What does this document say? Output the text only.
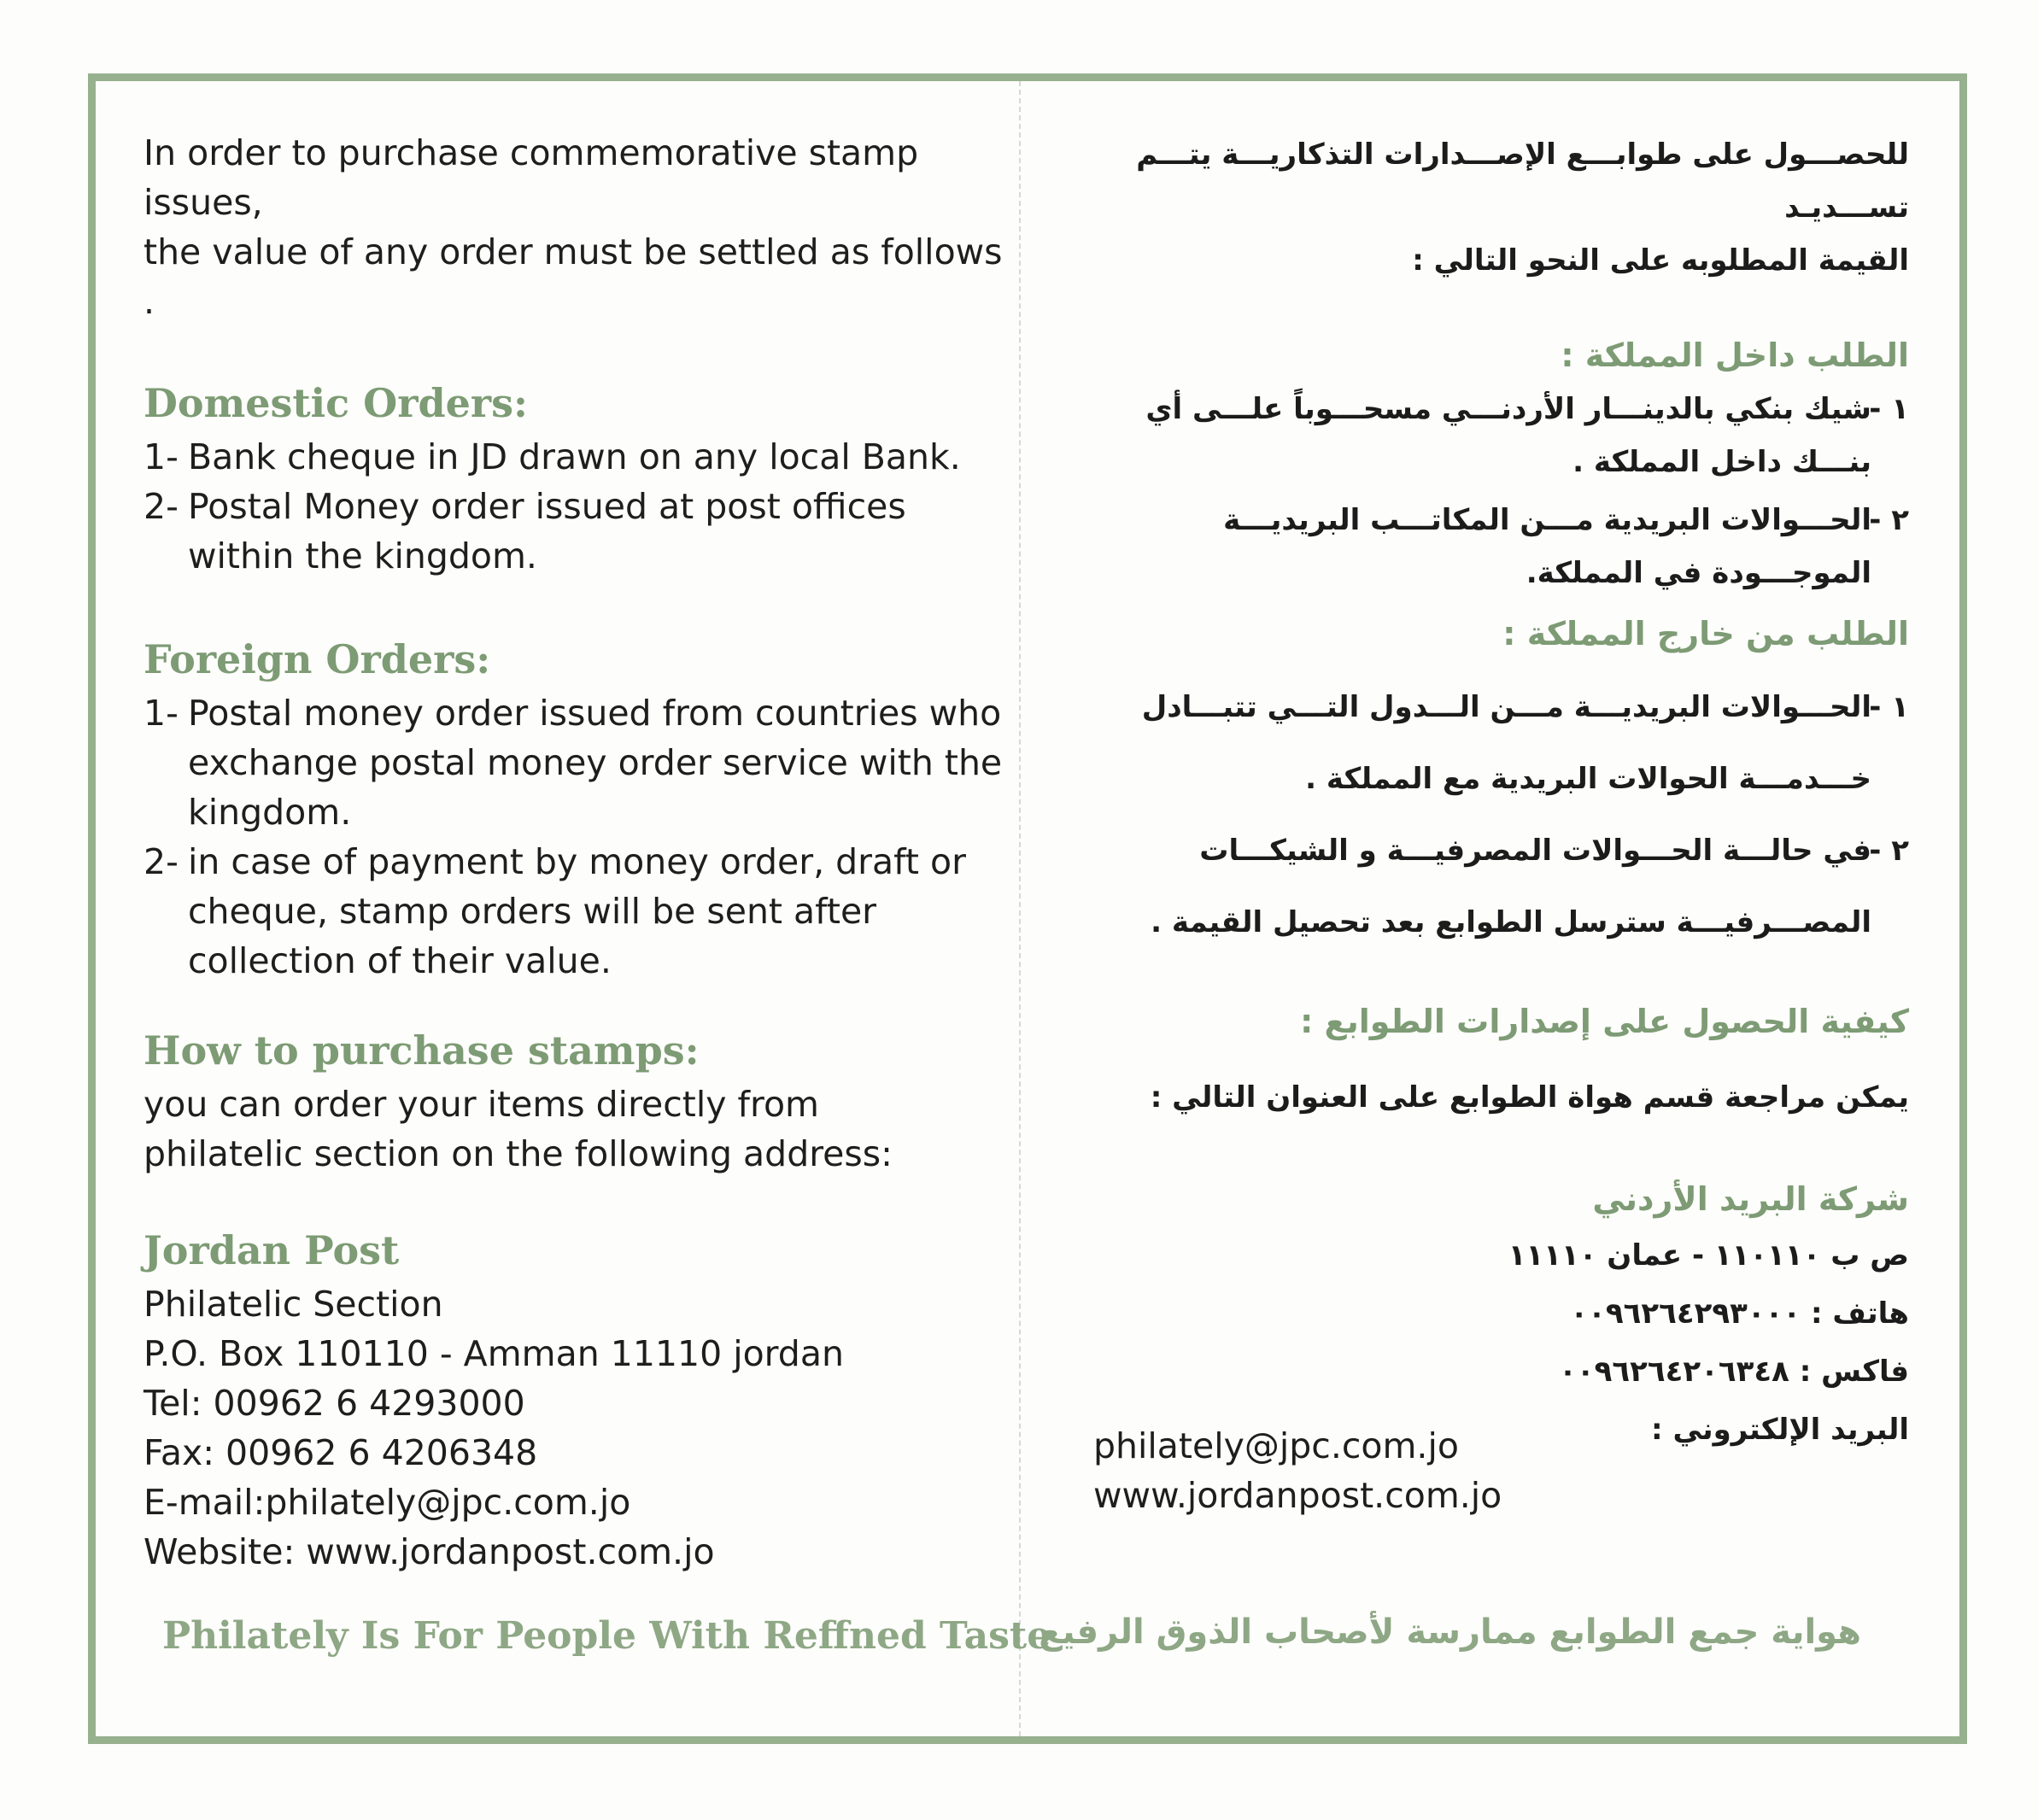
In order to purchase commemorative stamp issues,

the value of any order must be settled as follows .

Domestic Orders:
1- Bank cheque in JD drawn on any local Bank.
2- Postal Money order issued at post offices within the kingdom.
Foreign Orders:
1- Postal money order issued from countries who exchange postal money order service with the kingdom.
2- in case of payment by money order, draft or cheque, stamp orders will be sent after collection of their value.
How to purchase stamps:

you can order your items directly from

philatelic section on the following address:

Jordan Post

Philatelic Section

P.O. Box 110110 - Amman 11110 jordan

Tel: 00962 6 4293000

Fax: 00962 6 4206348

E-mail:philately@jpc.com.jo

Website: www.jordanpost.com.jo

Philately Is For People With Reffned Taste

للحصـــول على طوابـــع الإصـــدارات التذكاريـــة يتـــم تســـديـد

القيمة المطلوبه على النحو التالي :

الطلب داخل المملكة :
١ -
شيك بنكي بالدينـــار الأردنـــي مسحـــوباً علـــى أي بنـــك داخل المملكة .
٢ -
الحـــوالات البريدية مـــن المكاتـــب البريديـــة الموجـــودة في المملكة.
الطلب من خارج المملكة :
١ -
الحـــوالات البريديـــة مـــن الـــدول التـــي تتبـــادل خـــدمـــة الحوالات البريدية مع المملكة .
٢ -
في حالـــة الحـــوالات المصرفيـــة و الشيكـــات المصـــرفيـــة سترسل الطوابع بعد تحصيل القيمة .
كيفية الحصول على إصدارات الطوابع :

يمكن مراجعة قسم هواة الطوابع على العنوان التالي :

شركة البريد الأردني

ص ب ١١٠١١٠ - عمان ١١١١٠

هاتف : ٠٠٩٦٢٦٤٢٩٣٠٠٠

فاكس : ٠٠٩٦٢٦٤٢٠٦٣٤٨

البريد الإلكتروني :

philately@jpc.com.jo
www.jordanpost.com.jo
هواية جمع الطوابع ممارسة لأصحاب الذوق الرفيع
